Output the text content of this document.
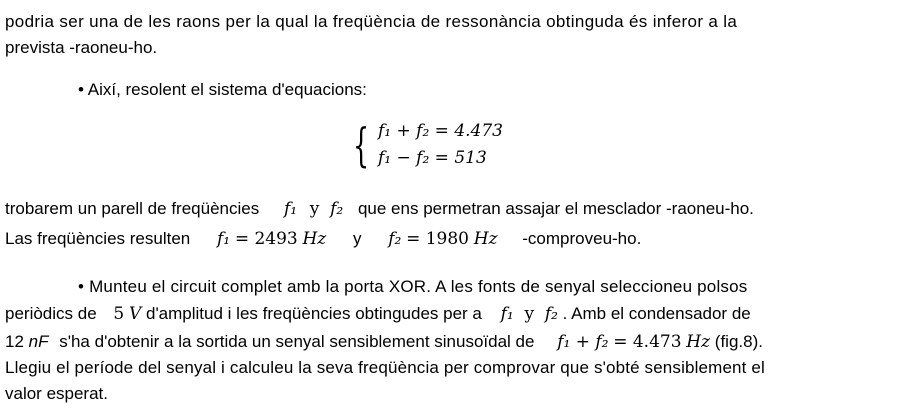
podria ser una de les raons per la qual la freqüència de ressonància obtinguda és inferor a la
prevista -raoneu-ho.
• Així, resolent el sistema d'equacions:
{ f₁ + f₂ = 4.473
f₁ − f₂ = 513
trobarem un parell de freqüències f₁ y f₂ que ens permetran assajar el mesclador -raoneu-ho.
Las freqüències resulten f₁ = 2493 Hz y f₂ = 1980 Hz -comproveu-ho.
• Munteu el circuit complet amb la porta XOR. A les fonts de senyal seleccioneu polsos
periòdics de 5 V d'amplitud i les freqüències obtingudes per a f₁ y f₂ . Amb el condensador de
12 nF s'ha d'obtenir a la sortida un senyal sensiblement sinusoïdal de f₁ + f₂ = 4.473 Hz (fig.8).
Llegiu el període del senyal i calculeu la seva freqüència per comprovar que s'obté sensiblement el
valor esperat.
